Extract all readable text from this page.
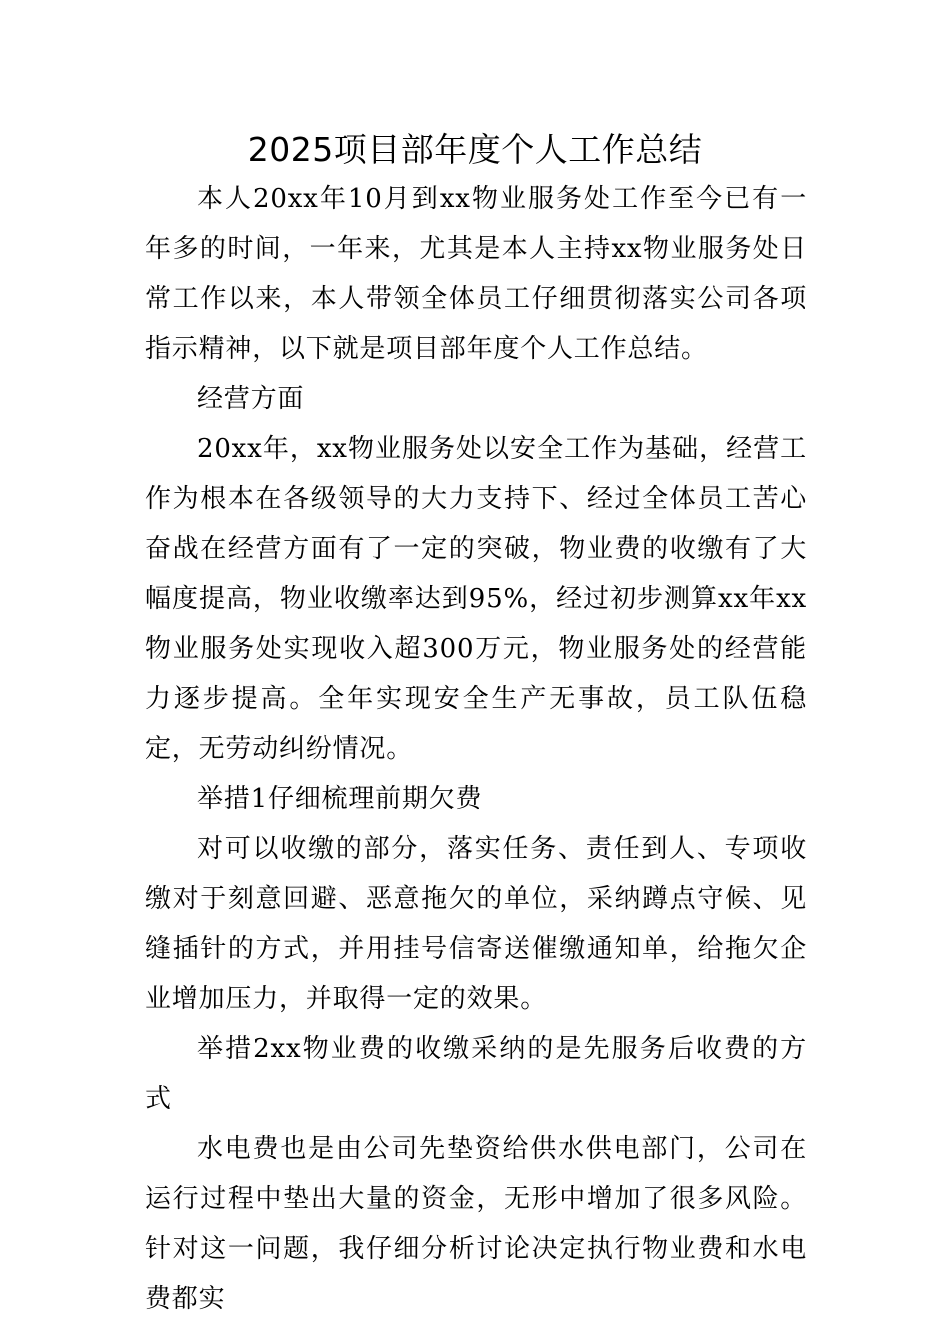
2025项目部年度个人工作总结

本人20xx年10月到xx物业服务处工作至今已有一年多的时间，一年来，尤其是本人主持xx物业服务处日常工作以来，本人带领全体员工仔细贯彻落实公司各项指示精神，以下就是项目部年度个人工作总结。

经营方面

20xx年，xx物业服务处以安全工作为基础，经营工作为根本在各级领导的大力支持下、经过全体员工苦心奋战在经营方面有了一定的突破，物业费的收缴有了大幅度提高，物业收缴率达到95%，经过初步测算xx年xx物业服务处实现收入超300万元，物业服务处的经营能力逐步提高。全年实现安全生产无事故，员工队伍稳定，无劳动纠纷情况。

举措1仔细梳理前期欠费

对可以收缴的部分，落实任务、责任到人、专项收缴对于刻意回避、恶意拖欠的单位，采纳蹲点守候、见缝插针的方式，并用挂号信寄送催缴通知单，给拖欠企业增加压力，并取得一定的效果。

举措2xx物业费的收缴采纳的是先服务后收费的方式

水电费也是由公司先垫资给供水供电部门，公司在运行过程中垫出大量的资金，无形中增加了很多风险。针对这一问题，我仔细分析讨论决定执行物业费和水电费都实
